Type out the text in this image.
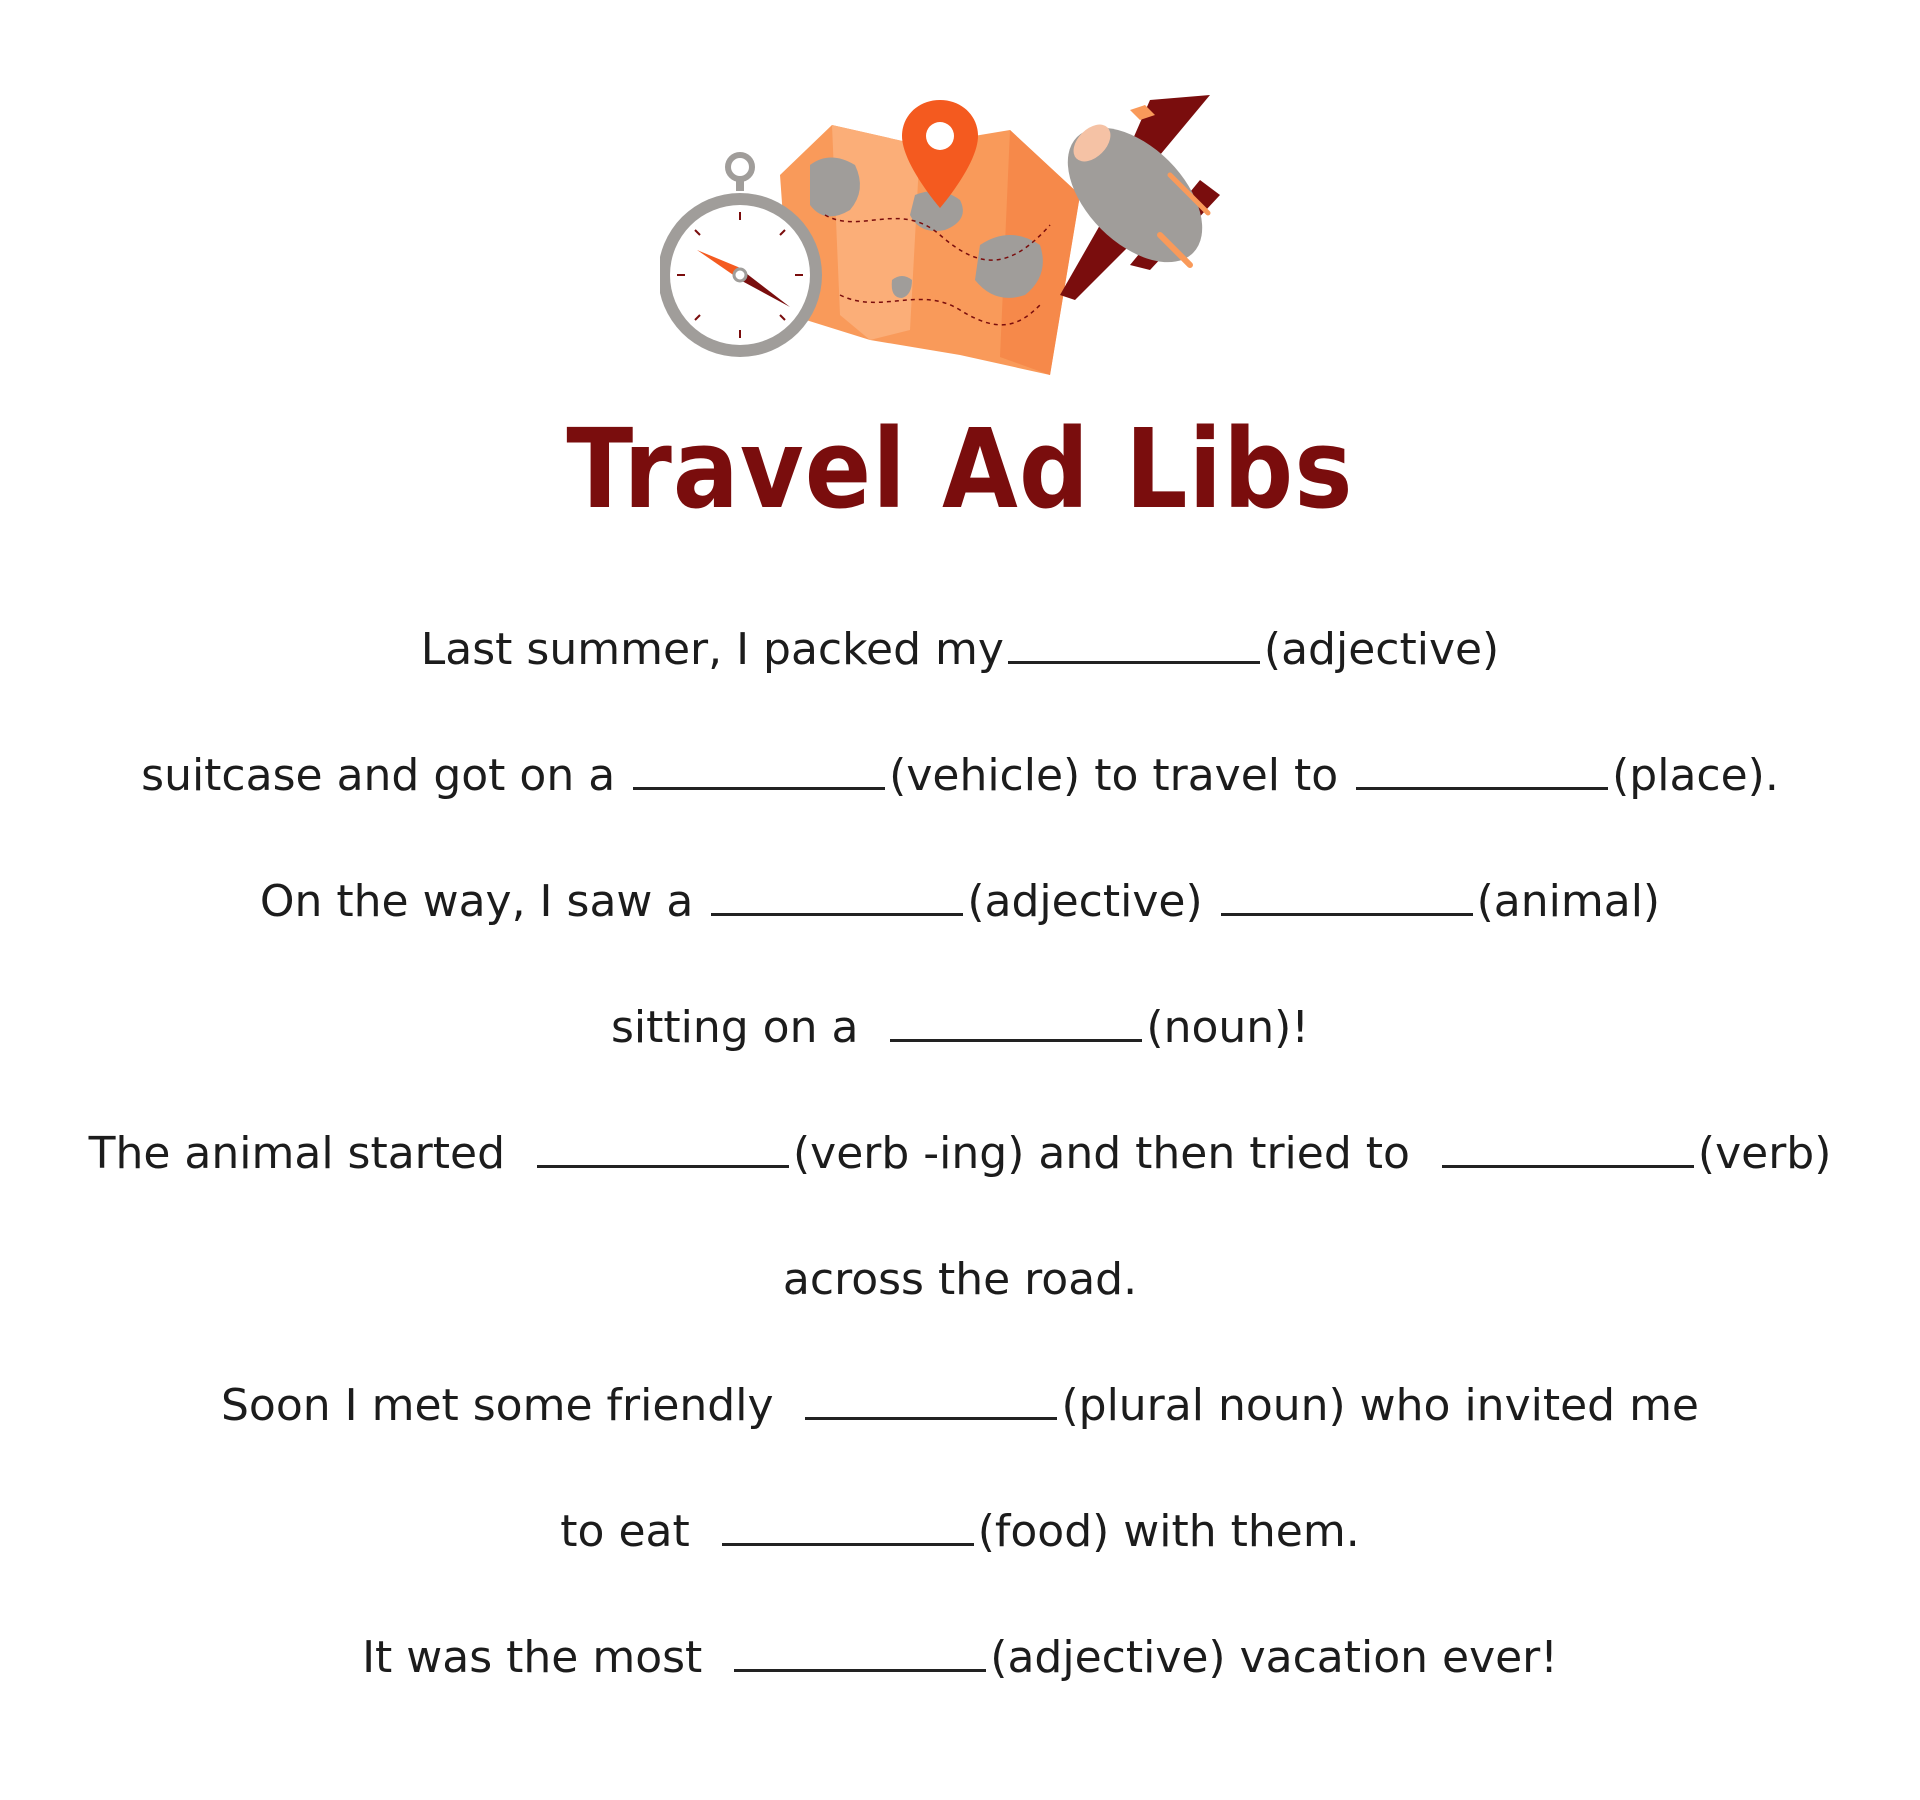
Travel Ad Libs
Last summer, I packed my	(adjective)
suitcase and got on a	(vehicle) to travel to	(place).
On the way, I saw a	(adjective)	(animal)
sitting on a	(noun)!
The animal started	(verb -ing) and then tried to	(verb)
across the road.
Soon I met some friendly	(plural noun) who invited me
to eat	(food) with them.
It was the most	(adjective) vacation ever!
